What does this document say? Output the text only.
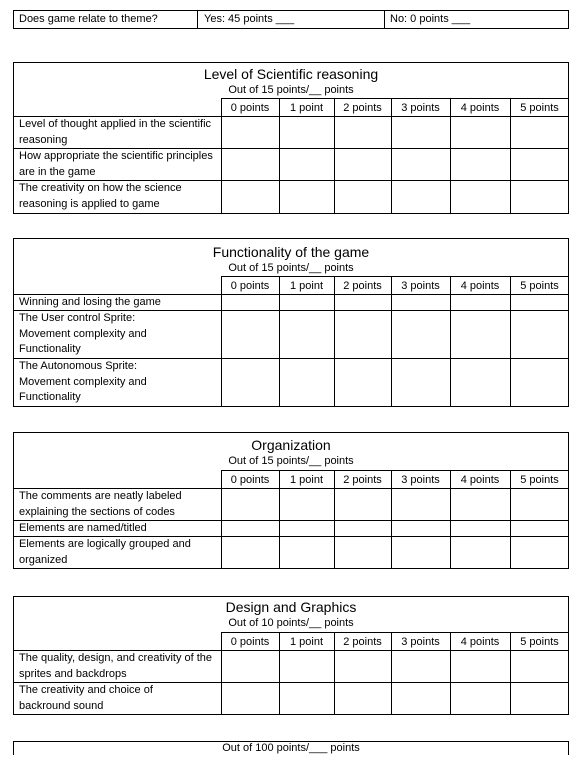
Does game relate to theme?	Yes: 45 points ___	No: 0 points ___
Level of Scientific reasoning
Out of 15 points/__ points
0 points	1 point	2 points	3 points	4 points	5 points
Level of thought applied in the scientific reasoning
How appropriate the scientific principles are in the game
The creativity on how the science reasoning is applied to game
Functionality of the game
Out of 15 points/__ points
0 points	1 point	2 points	3 points	4 points	5 points
Winning and losing the game
The User control Sprite: Movement complexity and Functionality
The Autonomous Sprite: Movement complexity and Functionality
Organization
Out of 15 points/__ points
0 points	1 point	2 points	3 points	4 points	5 points
The comments are neatly labeled explaining the sections of codes
Elements are named/titled
Elements are logically grouped and organized
Design and Graphics
Out of 10 points/__ points
0 points	1 point	2 points	3 points	4 points	5 points
The quality, design, and creativity of the sprites and backdrops
The creativity and choice of backround sound
Out of 100 points/___ points
